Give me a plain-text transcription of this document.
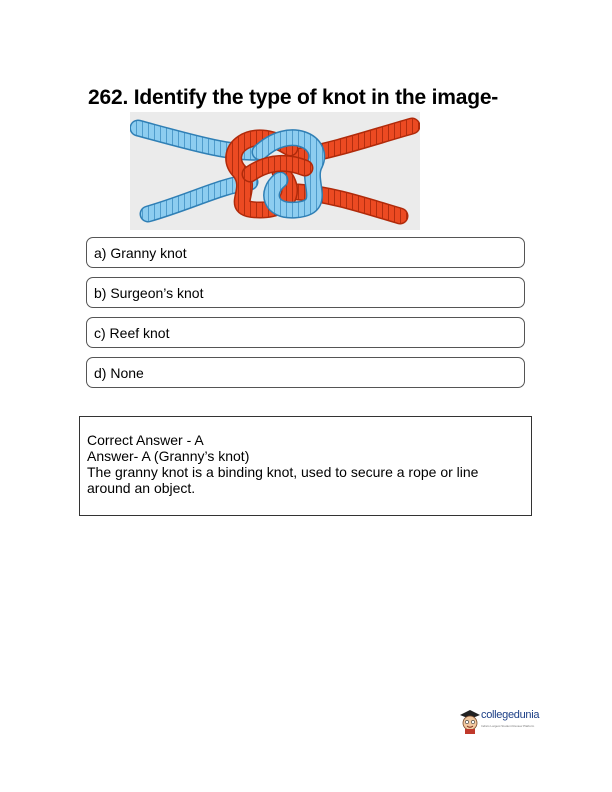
262. Identify the type of knot in the image-
a) Granny knot
b) Surgeon’s knot
c) Reef knot
d) None

Correct Answer - A

Answer- A (Granny’s knot)

The granny knot is a binding knot, used to secure a rope or line around an object.

collegedunia
India's Largest Student Review Platform
